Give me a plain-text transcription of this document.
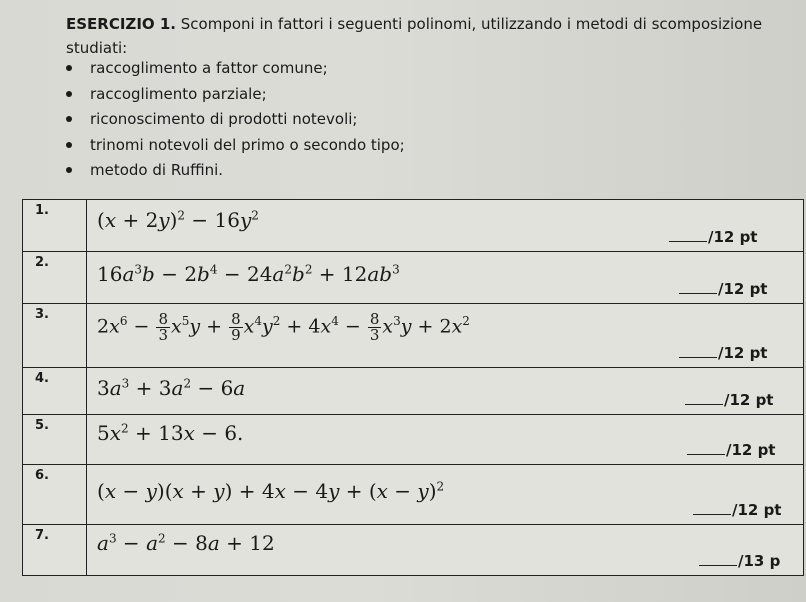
ESERCIZIO 1. Scomponi in fattori i seguenti polinomi, utilizzando i metodi di scomposizione studiati:
raccoglimento a fattor comune;
raccoglimento parziale;
riconoscimento di prodotti notevoli;
trinomi notevoli del primo o secondo tipo;
metodo di Ruffini.
1. $(x + 2y)^2 - 16y^2$
/12 pt
2. $16a^3b - 2b^4 - 24a^2b^2 + 12ab^3$
/12 pt
3.
$2x^6 - \frac{8}{3} x^5y + \frac{8}{9} x^4y^2 + 4x^4 - \frac{8}{3} x^3y + 2x^2$
/12 pt
4. $3a^3 + 3a^2 - 6a$	/12 pt
5. $5x^2 + 13x - 6$.
/12 pt
6.
$(x - y)(x + y) + 4x - 4y + (x - y)^2$
/12 pt
7. $a^3 - a^2 - 8a + 12$
/13 p
